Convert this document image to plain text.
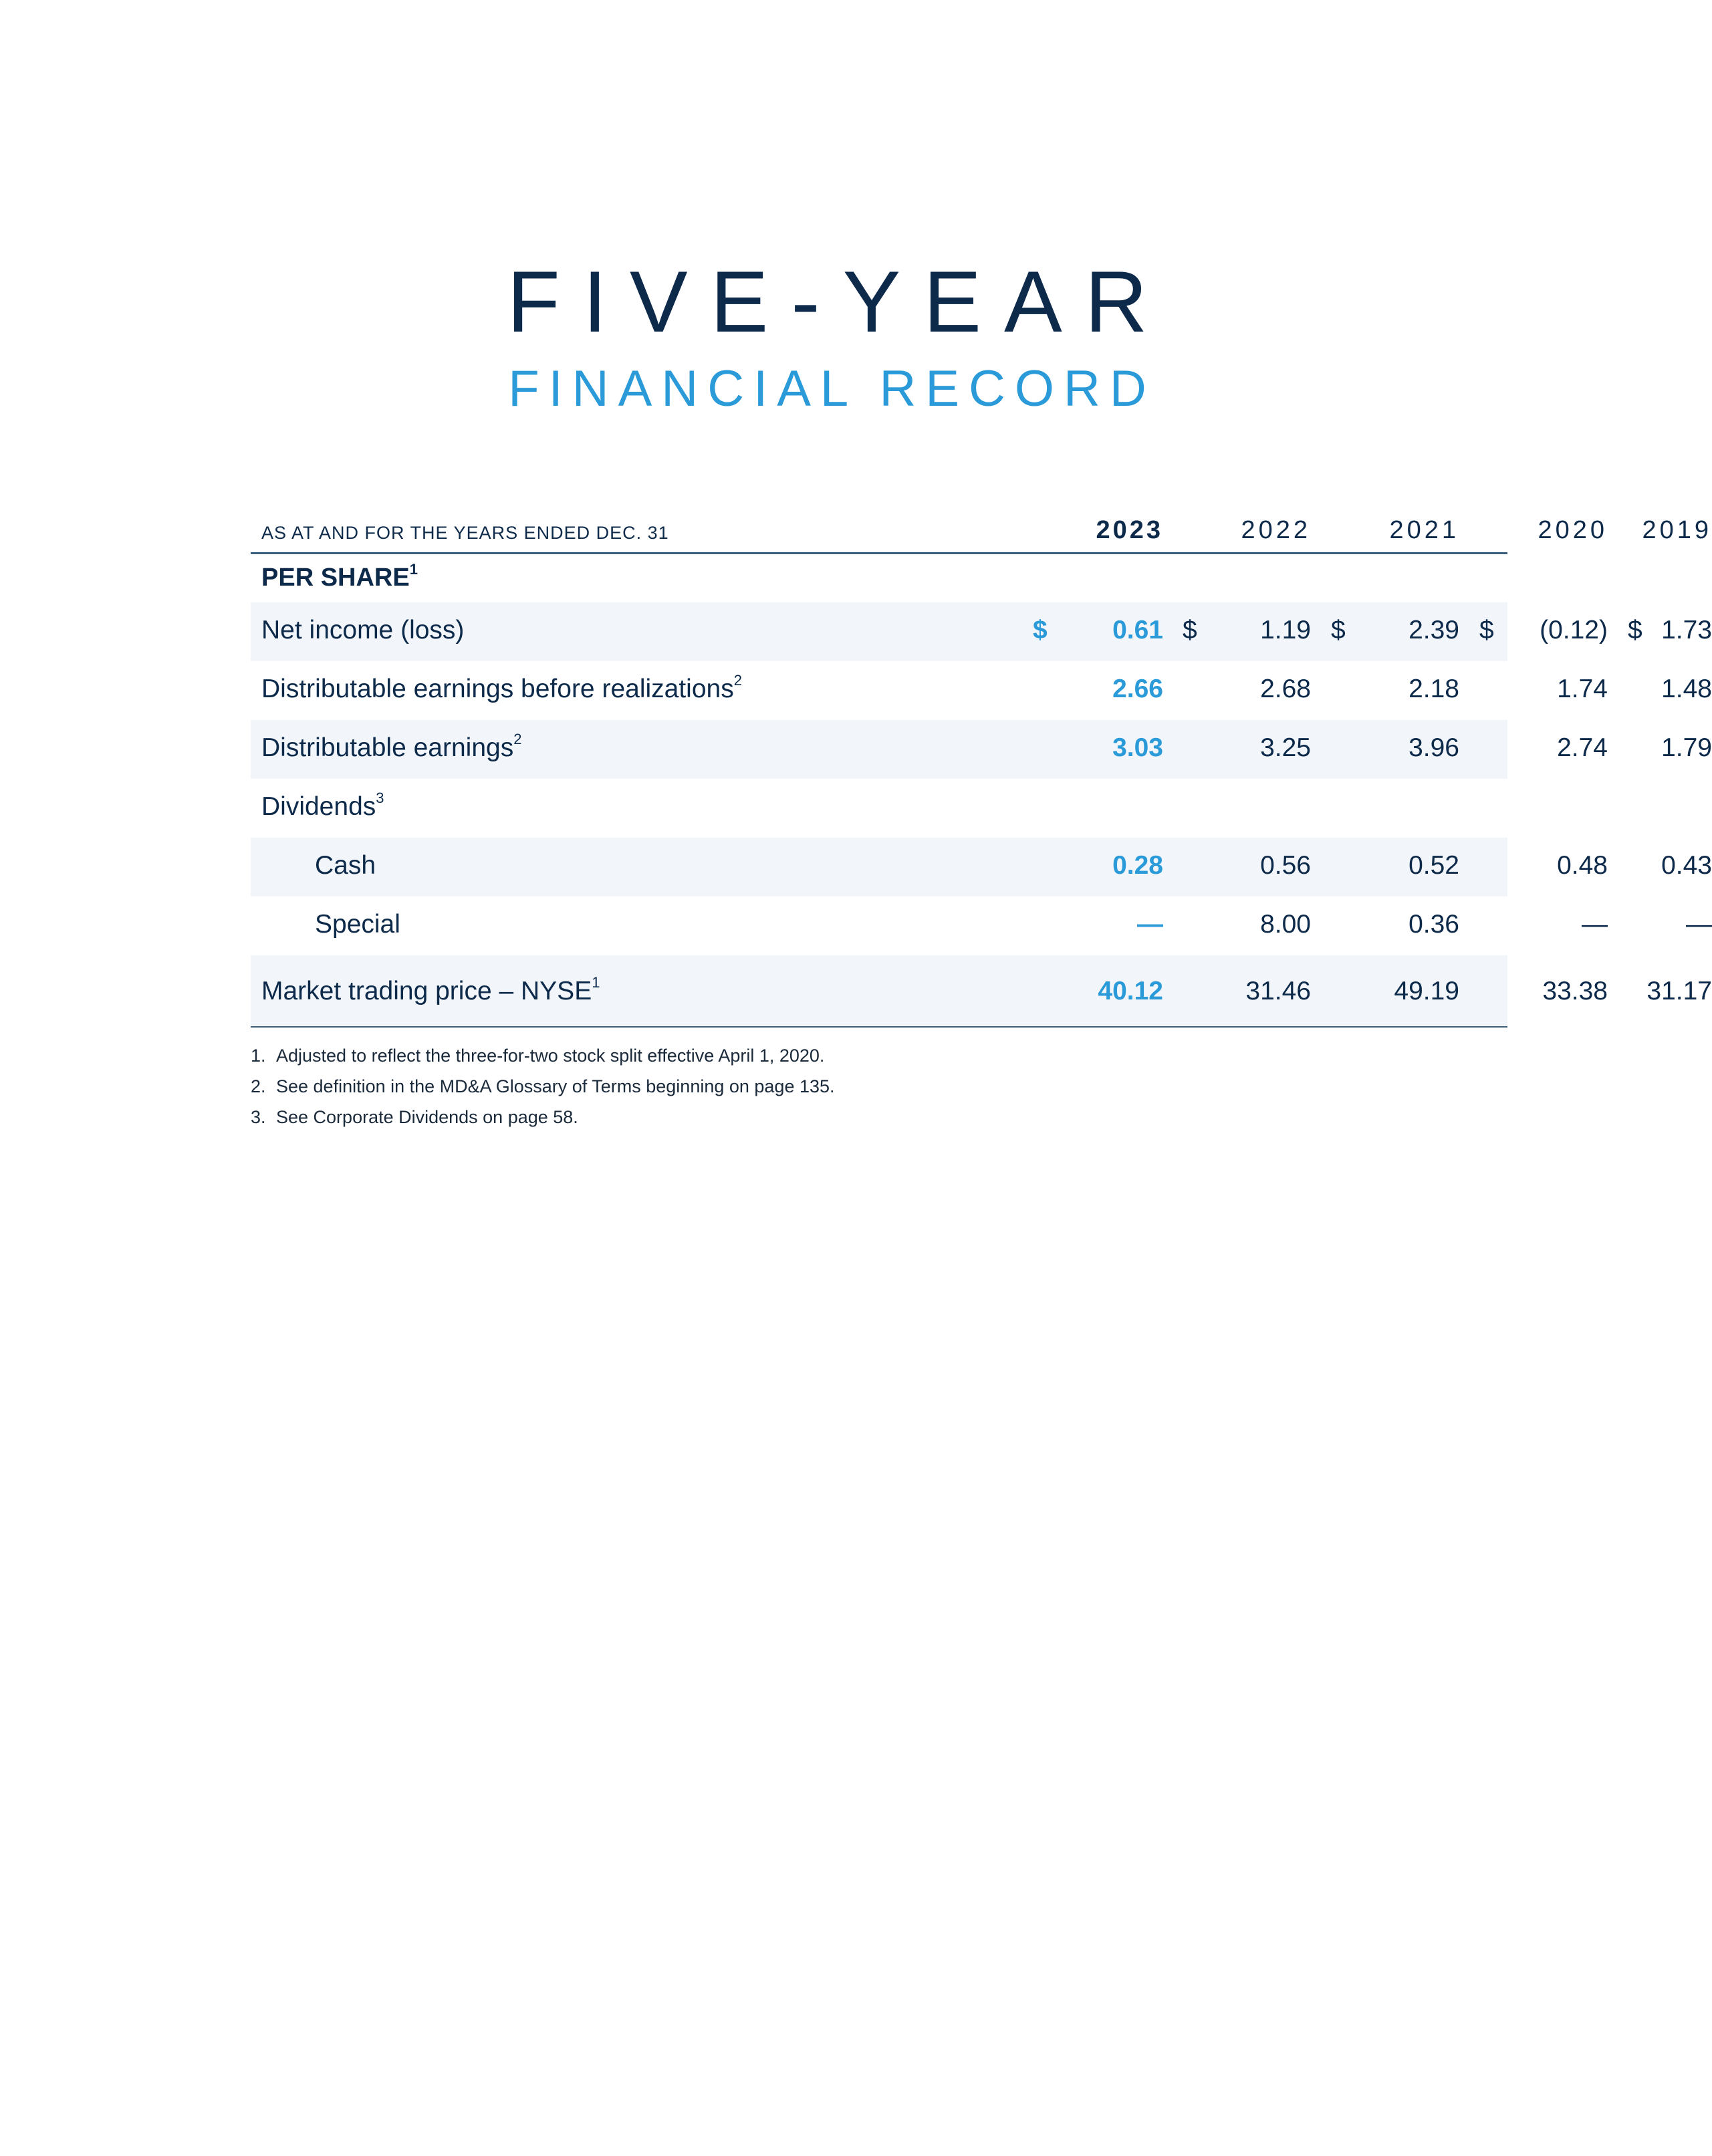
FIVE-YEAR
FINANCIAL RECORD
AS AT AND FOR THE YEARS ENDED DEC. 31	2023	2022	2021	2020	2019
PER SHARE$^1$
Net income (loss)	$	0.61 $	1.19 $	2.39 $	(0.12) $ 1.73
Distributable earnings before realizations$^2$	2.66	2.68	2.18	1.74	1.48
Distributable earnings$^2$	3.03	3.25	3.96	2.74	1.79
Dividends$^3$
Cash	0.28	0.56	0.52	0.48	0.43
Special	—	8.00	0.36	—	—
Market trading price – NYSE$^1$	40.12	31.46	49.19	33.38	31.17
1. Adjusted to reflect the three-for-two stock split effective April 1, 2020.
2. See definition in the MD&A Glossary of Terms beginning on page 135.
3. See Corporate Dividends on page 58.
